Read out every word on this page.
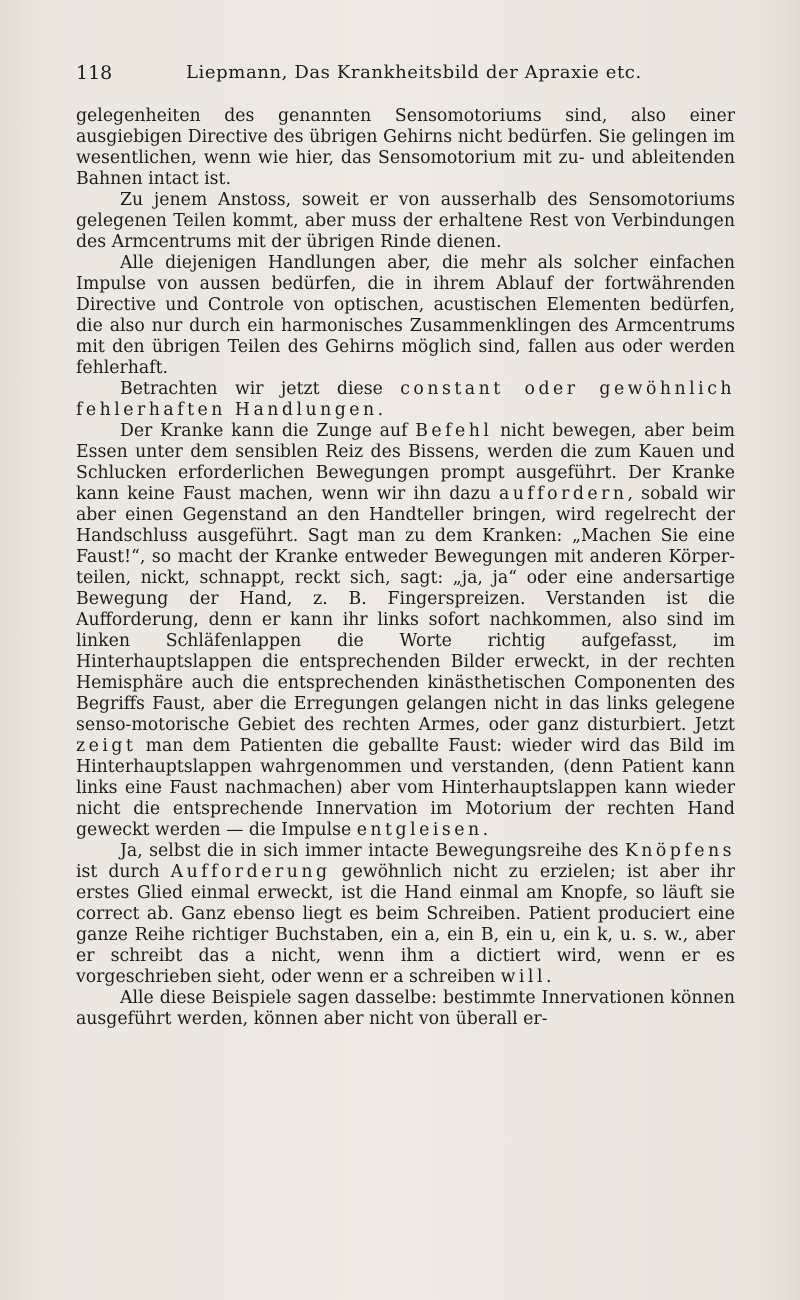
118	Liepmann, Das Krankheitsbild der Apraxie etc.

gelegenheiten des genannten Sensomotoriums sind, also einer ausgiebigen Directive des übrigen Gehirns nicht bedürfen. Sie gelingen im wesentlichen, wenn wie hier, das Sensomotorium mit zu- und ableitenden Bahnen intact ist.

Zu jenem Anstoss, soweit er von ausserhalb des Sensomotoriums gelegenen Teilen kommt, aber muss der erhaltene Rest von Verbindungen des Armcentrums mit der übrigen Rinde dienen.

Alle diejenigen Handlungen aber, die mehr als solcher einfachen Impulse von aussen bedürfen, die in ihrem Ablauf der fortwährenden Directive und Controle von optischen, acustischen Elementen bedürfen, die also nur durch ein harmonisches Zusammenklingen des Armcentrums mit den übrigen Teilen des Gehirns möglich sind, fallen aus oder werden fehlerhaft.

Betrachten wir jetzt diese constant oder gewöhnlich fehlerhaften Handlungen.

Der Kranke kann die Zunge auf Befehl nicht bewegen, aber beim Essen unter dem sensiblen Reiz des Bissens, werden die zum Kauen und Schlucken erforderlichen Bewegungen prompt ausgeführt. Der Kranke kann keine Faust machen, wenn wir ihn dazu auffordern, sobald wir aber einen Gegenstand an den Handteller bringen, wird regelrecht der Handschluss ausgeführt. Sagt man zu dem Kranken: „Machen Sie eine Faust!“, so macht der Kranke entweder Bewegungen mit anderen Körperteilen, nickt, schnappt, reckt sich, sagt: „ja, ja“ oder eine andersartige Bewegung der Hand, z. B. Fingerspreizen. Verstanden ist die Aufforderung, denn er kann ihr links sofort nachkommen, also sind im linken Schläfenlappen die Worte richtig aufgefasst, im Hinterhauptslappen die entsprechenden Bilder erweckt, in der rechten Hemisphäre auch die entsprechenden kinästhetischen Componenten des Begriffs Faust, aber die Erregungen gelangen nicht in das links gelegene senso-motorische Gebiet des rechten Armes, oder ganz disturbiert. Jetzt zeigt man dem Patienten die geballte Faust: wieder wird das Bild im Hinterhauptslappen wahrgenommen und verstanden, (denn Patient kann links eine Faust nachmachen) aber vom Hinterhauptslappen kann wieder nicht die entsprechende Innervation im Motorium der rechten Hand geweckt werden — die Impulse entgleisen.

Ja, selbst die in sich immer intacte Bewegungsreihe des Knöpfens ist durch Aufforderung gewöhnlich nicht zu erzielen; ist aber ihr erstes Glied einmal erweckt, ist die Hand einmal am Knopfe, so läuft sie correct ab. Ganz ebenso liegt es beim Schreiben. Patient produciert eine ganze Reihe richtiger Buchstaben, ein a, ein B, ein u, ein k, u. s. w., aber er schreibt das a nicht, wenn ihm a dictiert wird, wenn er es vorgeschrieben sieht, oder wenn er a schreiben will.

Alle diese Beispiele sagen dasselbe: bestimmte Innervationen können ausgeführt werden, können aber nicht von überall er-
